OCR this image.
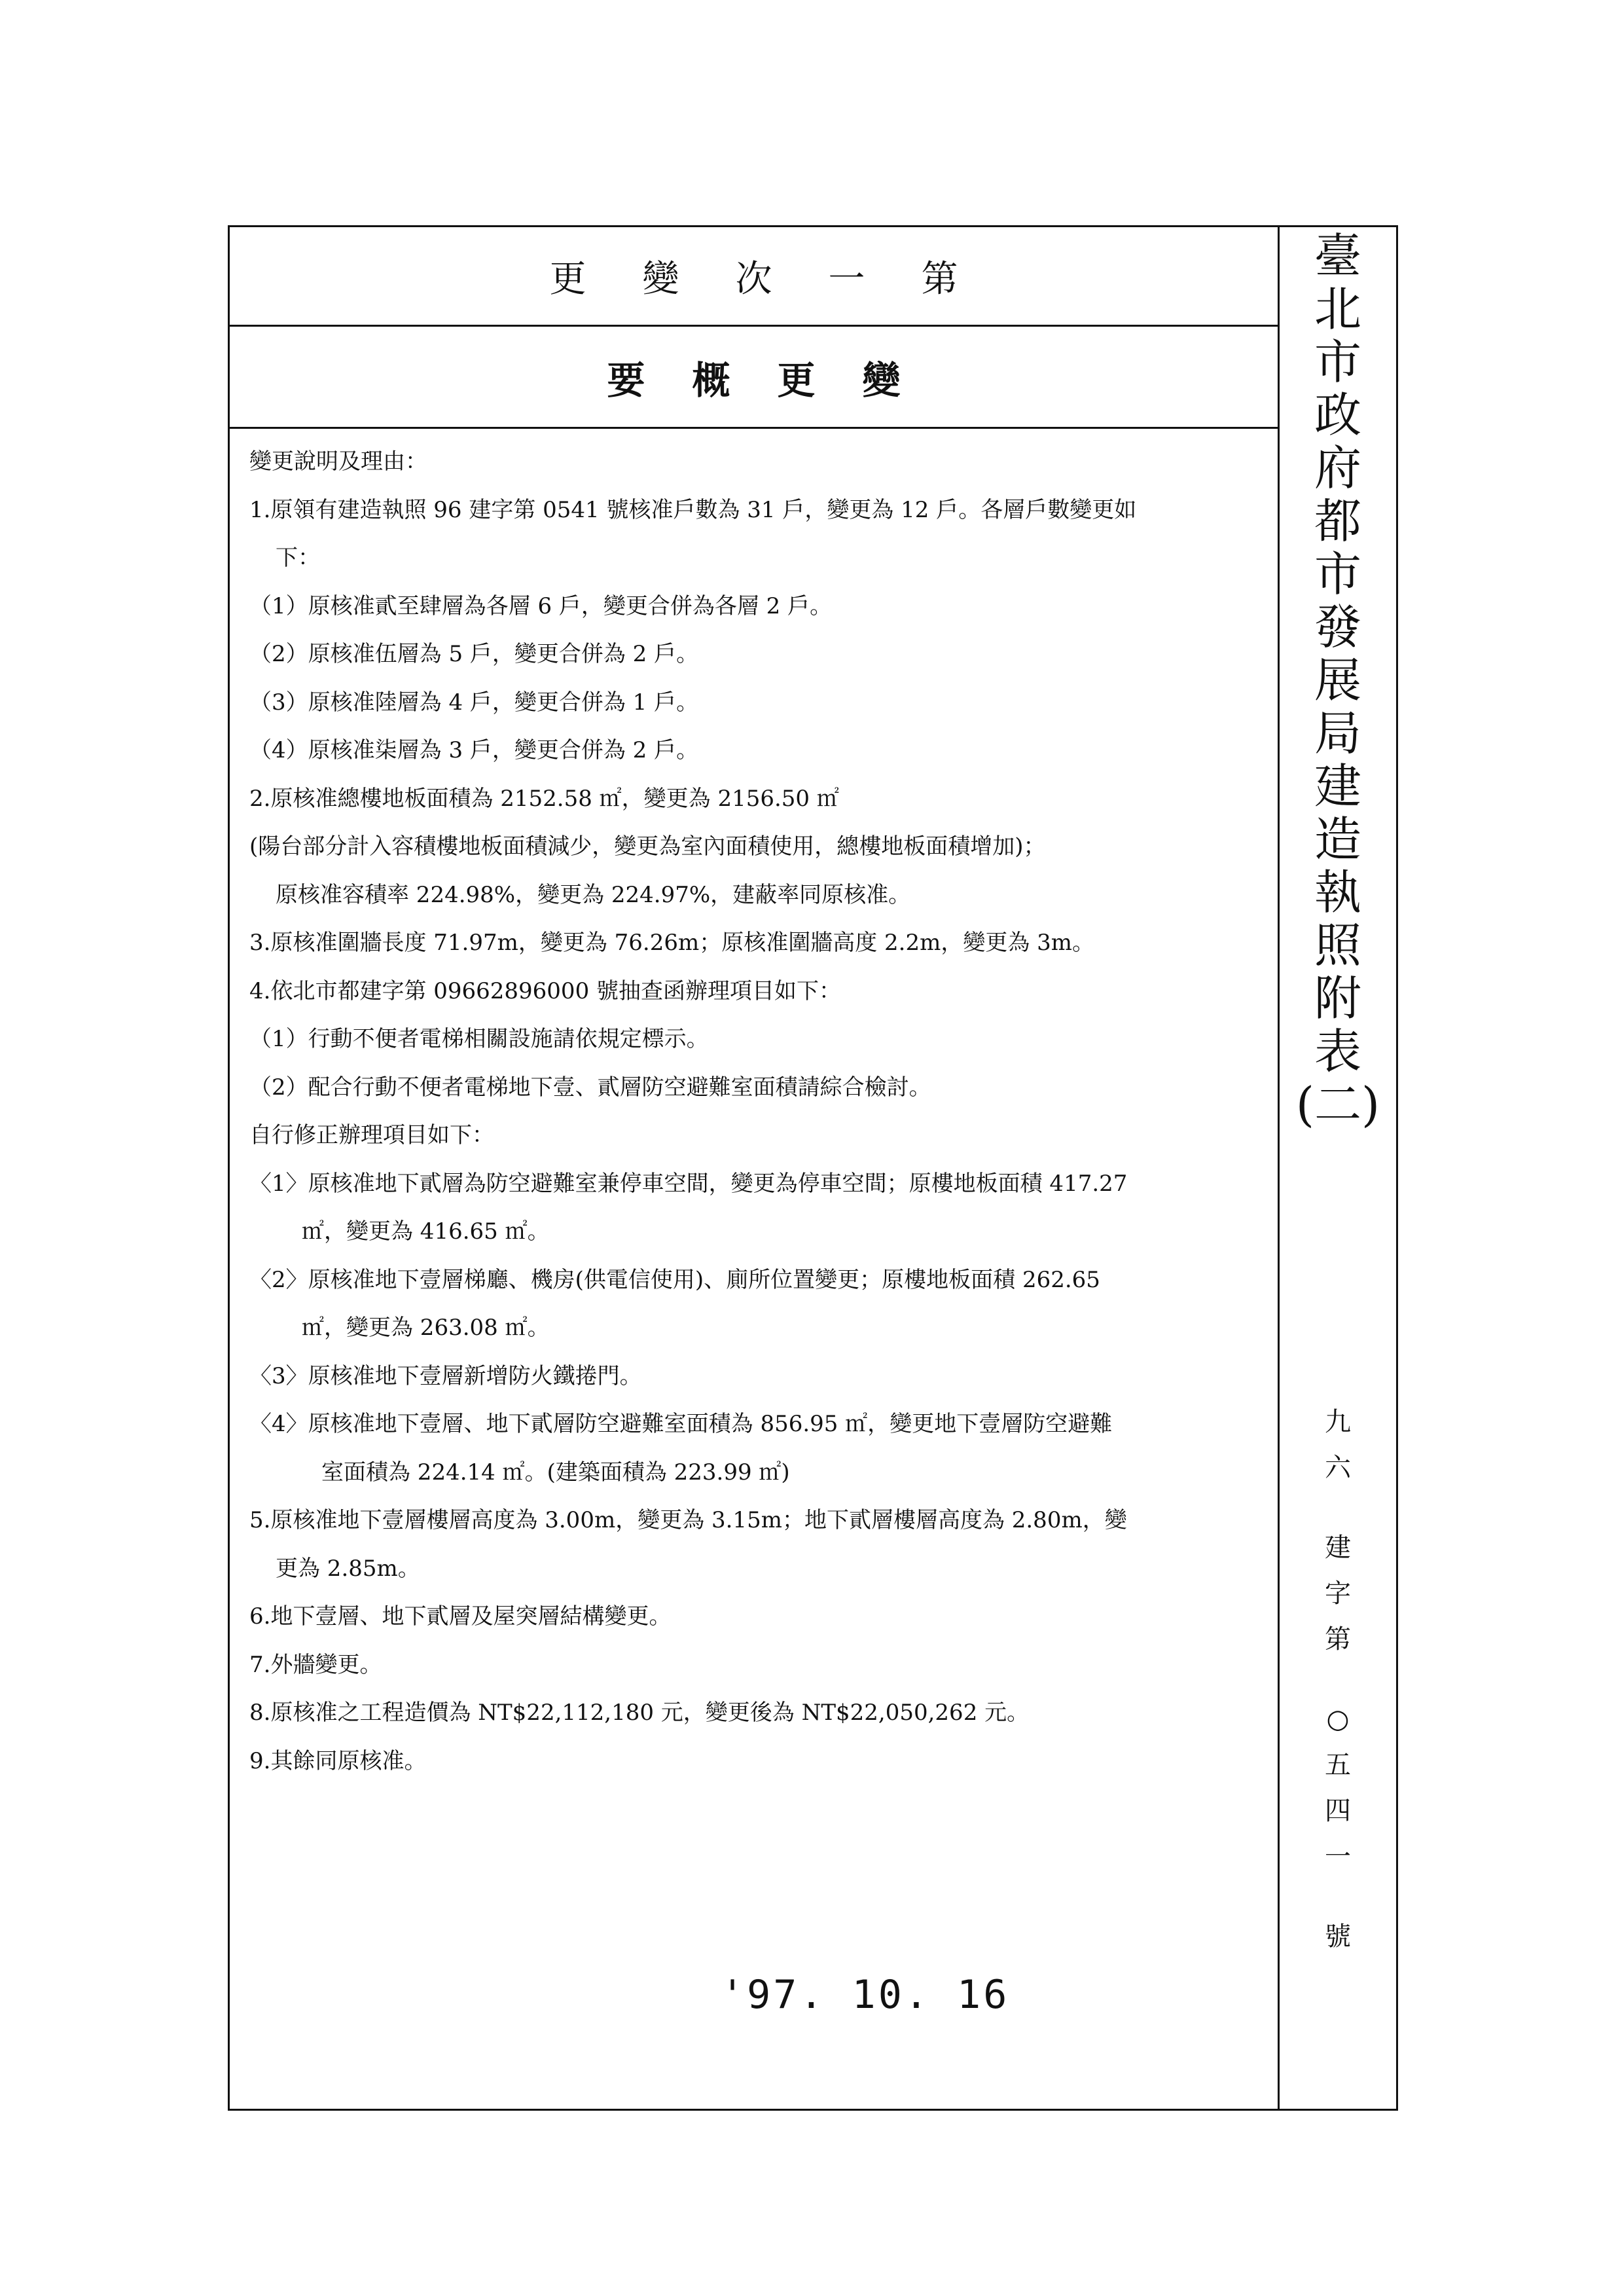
更變次一第
要概更變
變更說明及理由：
1.原領有建造執照 96 建字第 0541 號核准戶數為 31 戶，變更為 12 戶。各層戶數變更如
下：
（1）原核准貳至肆層為各層 6 戶，變更合併為各層 2 戶。
（2）原核准伍層為 5 戶，變更合併為 2 戶。
（3）原核准陸層為 4 戶，變更合併為 1 戶。
（4）原核准柒層為 3 戶，變更合併為 2 戶。
2.原核准總樓地板面積為 2152.58 ㎡，變更為 2156.50 ㎡
(陽台部分計入容積樓地板面積減少，變更為室內面積使用，總樓地板面積增加)；
原核准容積率 224.98%，變更為 224.97%，建蔽率同原核准。
3.原核准圍牆長度 71.97m，變更為 76.26m；原核准圍牆高度 2.2m，變更為 3m。
4.依北市都建字第 09662896000 號抽查函辦理項目如下：
（1）行動不便者電梯相關設施請依規定標示。
（2）配合行動不便者電梯地下壹、貳層防空避難室面積請綜合檢討。
自行修正辦理項目如下：
〈1〉原核准地下貳層為防空避難室兼停車空間，變更為停車空間；原樓地板面積 417.27
㎡，變更為 416.65 ㎡。
〈2〉原核准地下壹層梯廳、機房(供電信使用)、廁所位置變更；原樓地板面積 262.65
㎡，變更為 263.08 ㎡。
〈3〉原核准地下壹層新增防火鐵捲門。
〈4〉原核准地下壹層、地下貳層防空避難室面積為 856.95 ㎡，變更地下壹層防空避難
室面積為 224.14 ㎡。(建築面積為 223.99 ㎡)
5.原核准地下壹層樓層高度為 3.00m，變更為 3.15m；地下貳層樓層高度為 2.80m，變
更為 2.85m。
6.地下壹層、地下貳層及屋突層結構變更。
7.外牆變更。
8.原核准之工程造價為 NT$22,112,180 元，變更後為 NT$22,050,262 元。
9.其餘同原核准。
'97. 10. 16
臺
北
市
政
府
都
市
發
展
局
建
造
執
照
附
表
(二)
九
六
建
字
第
○
五
四
一
號
